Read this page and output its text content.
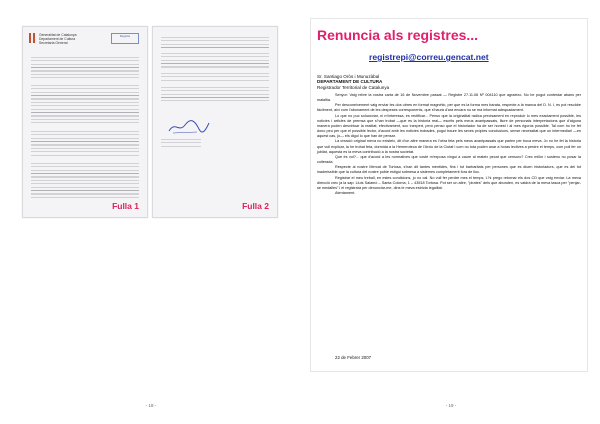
Generalitat de Catalunya
Departament de Cultura
Secretaria General
Registre
Fulla 1	Fulla 2
- 18 -
Renuncia als registres...
registrepi@correu.gencat.net
Sr. Santiago Oròs i Munuzàbal
DEPARTAMENT DE CULTURA
Registrador Territorial de Catalunya

Senyor: Vaig rebre la vostra carta de 16 de Novembre passat — Registre 27.11.06 Nº 004110 que agraeixo. No he pogut contestar abans per malaltia.

Per desconeixement vaig enviar les dos obres en format magnètic, per que es la forma mes barata, respecte a la manca del D. N. I, es pot resoldre fàcilment, així com l'abonament de les despeses corresponents, que s'haurà d'ara encara no se ma informat adequadament.

Lo que no puc solucionar, ni m'interessa, es rectificar... Penso que la originalitat radica precisament en reproduir lo mes exactament possible, les noticies i articles de premsa que s'han trobat —que es la historia real— escrits pels meus avantpassats, lliure de personals interpretacions que d'alguna manera poden desvirtuar la realitat; efectivament, soc inexpert, però penso que el historiador ha de ser honest i al mes rigorós possible. Tal com ho he fet dono peu per que el possible lector, d'acord amb les noticies trobades, pugui traure les seves pròpies conclusions, sense necessitat que un intermediari —en aquest cas, jo— els digui lo que han de pensar.

La creació original meva no existeix, dit d'un altre manera es l'obra feta pels meus avantpassats que parlen per boca meva. Jo no he fet la historia que vull explicar, la he trobat feta, dormida a la Hemeroteca de l'Arxiu de la Ciutat i com no tota poden anar a horas lectives a perdre el temps, com poli fer un jubilat, aquesta es la meva contribució a la nostra societat.

Que és vol?... que d'acord a les normatives que vostè m'exposa vingui a caure al mateix pecat que censuro? Crec millor i sosteno no posar la culterada.

Respecte al nostre Mercat de Tortosa, s'han dit tantes mentides, fins i tot barbaritats per persones que es diuen historiadors, que es del tot inadmissible que la cultura del nostre poble estigui sotmesa a sistemes completament fora de lloc.

Registrar el meu treball, en estes condicions, jo no cal. No vull fer perdre mes el temps, L'hi prego retornar els dos CD que vaig enviar. La meva direcció crec ja la sap: Lluís Salamó – Santa Coloma, 1 – 43518 Tortosa. Pot ser un altre, "pirates" dels que abunden, es valdrà de la meva tasca per "penjar-se medalles" i el registrarà per denunciar-me, dins le meva estricta legalitat.

Atentament.

22 de Febrer 2007
- 19 -
